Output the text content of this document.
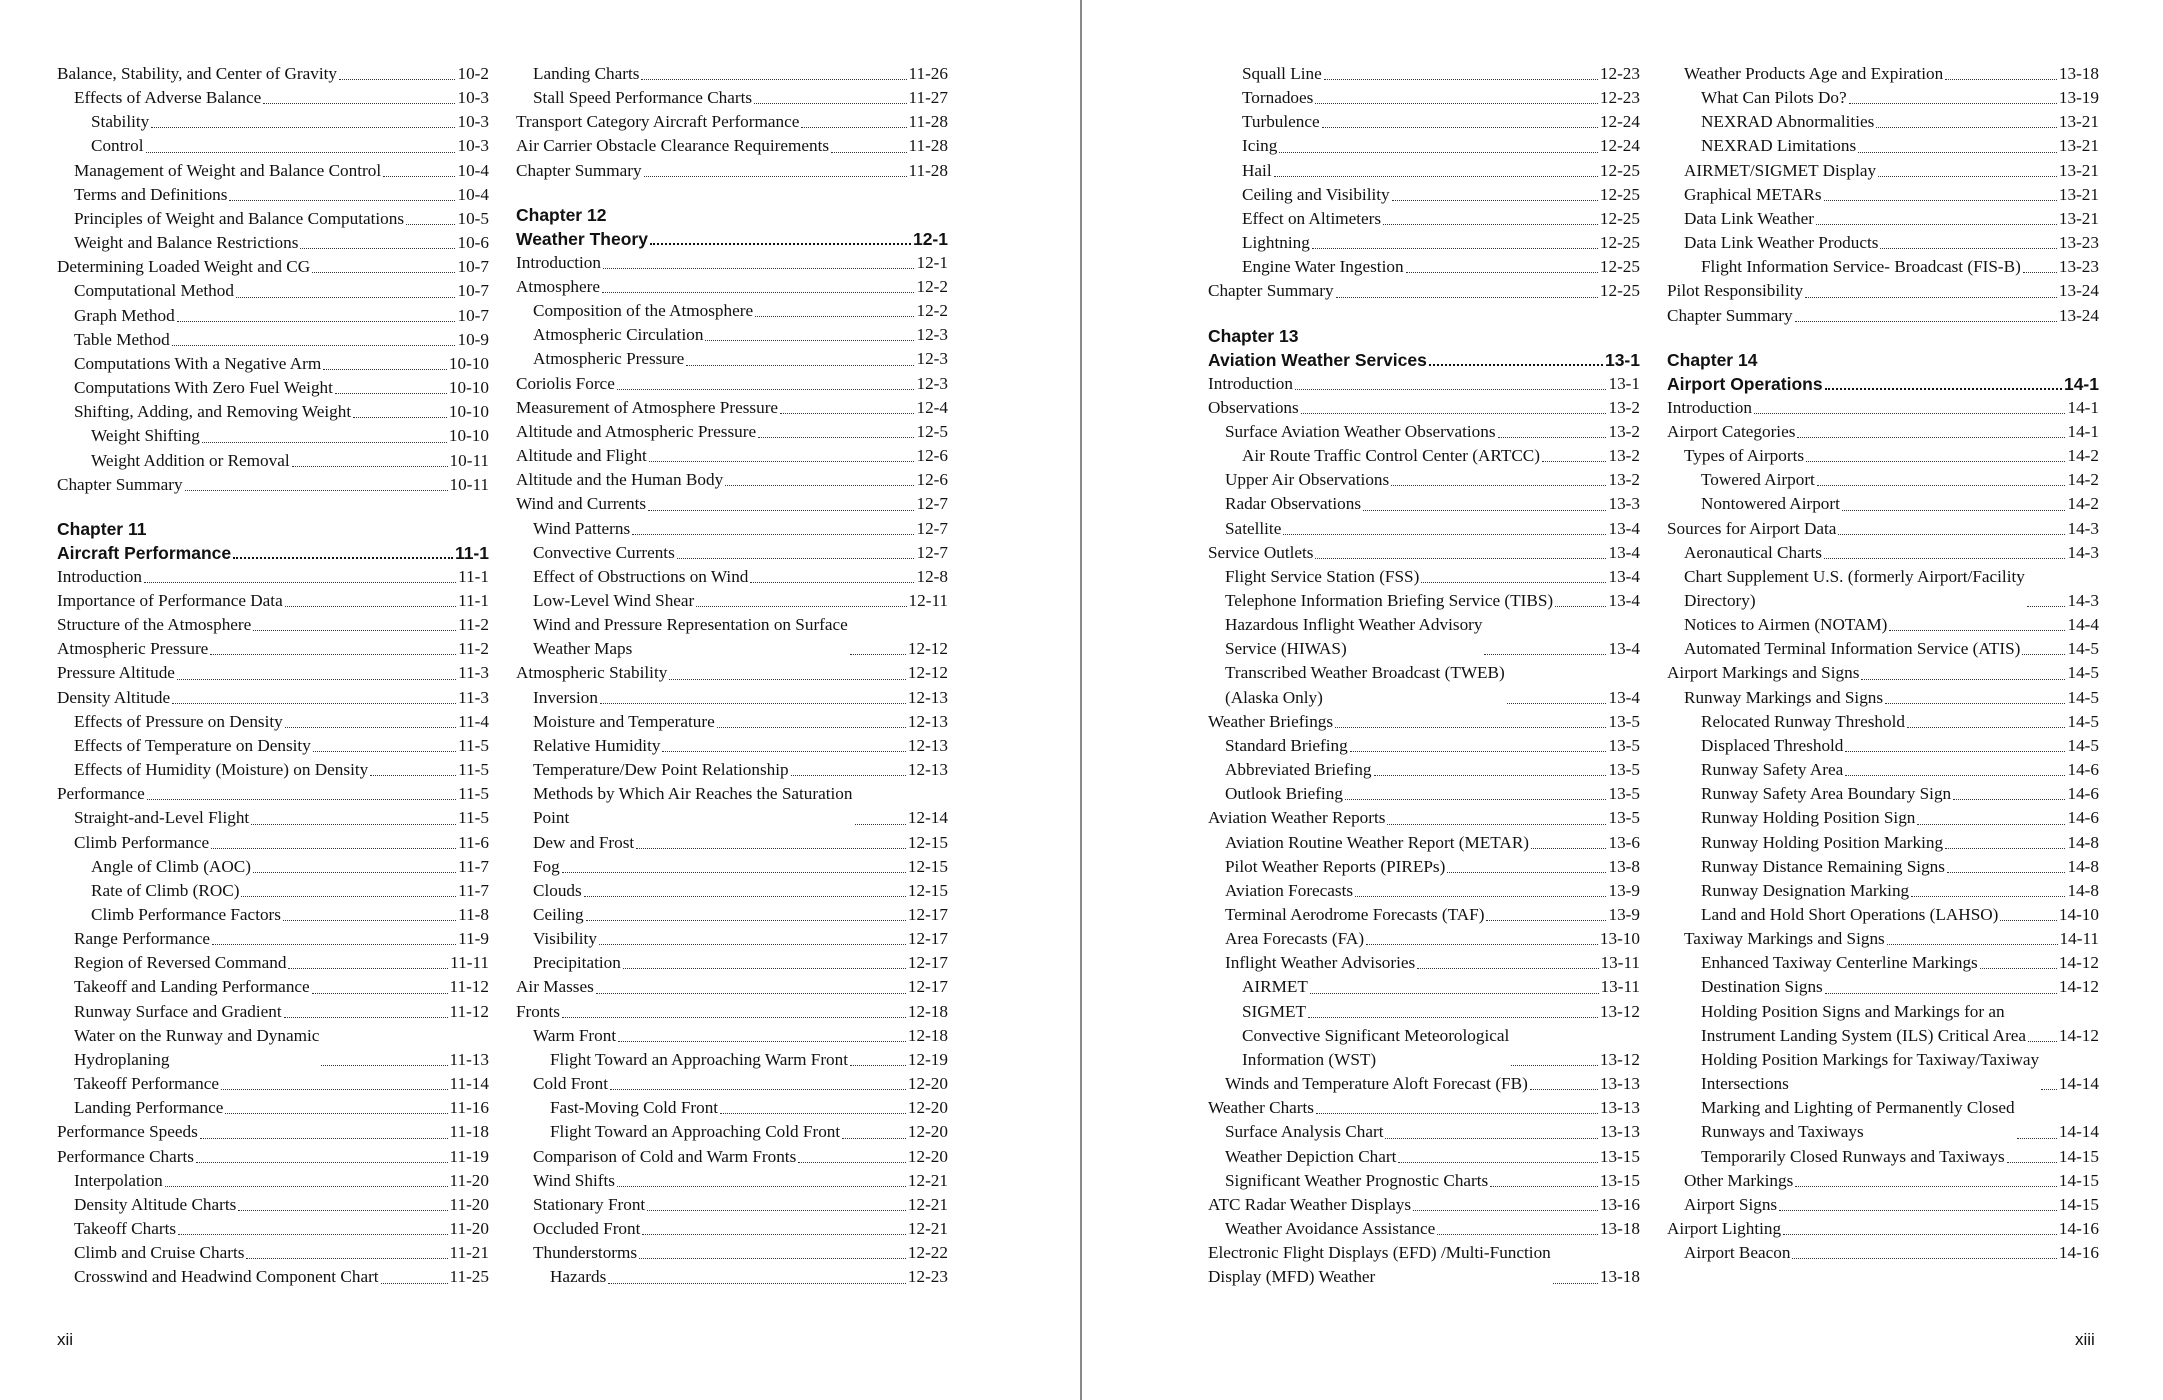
Balance, Stability, and Center of Gravity	10-2
Effects of Adverse Balance	10-3
Stability	10-3
Control	10-3
Management of Weight and Balance Control	10-4
Terms and Definitions	10-4
Principles of Weight and Balance Computations	10-5
Weight and Balance Restrictions	10-6
Determining Loaded Weight and CG	10-7
Computational Method	10-7
Graph Method	10-7
Table Method	10-9
Computations With a Negative Arm	10-10
Computations With Zero Fuel Weight	10-10
Shifting, Adding, and Removing Weight	10-10
Weight Shifting	10-10
Weight Addition or Removal	10-11
Chapter Summary	10-11
Chapter 11
Aircraft Performance	11-1
Introduction	11-1
Importance of Performance Data	11-1
Structure of the Atmosphere	11-2
Atmospheric Pressure	11-2
Pressure Altitude	11-3
Density Altitude	11-3
Effects of Pressure on Density	11-4
Effects of Temperature on Density	11-5
Effects of Humidity (Moisture) on Density	11-5
Performance	11-5
Straight-and-Level Flight	11-5
Climb Performance	11-6
Angle of Climb (AOC)	11-7
Rate of Climb (ROC)	11-7
Climb Performance Factors	11-8
Range Performance	11-9
Region of Reversed Command	11-11
Takeoff and Landing Performance	11-12
Runway Surface and Gradient	11-12
Water on the Runway and Dynamic
Hydroplaning	11-13
Takeoff Performance	11-14
Landing Performance	11-16
Performance Speeds	11-18
Performance Charts	11-19
Interpolation	11-20
Density Altitude Charts	11-20
Takeoff Charts	11-20
Climb and Cruise Charts	11-21
Crosswind and Headwind Component Chart	11-25
Landing Charts	11-26
Stall Speed Performance Charts	11-27
Transport Category Aircraft Performance	11-28
Air Carrier Obstacle Clearance Requirements	11-28
Chapter Summary	11-28
Chapter 12
Weather Theory	12-1
Introduction	12-1
Atmosphere	12-2
Composition of the Atmosphere	12-2
Atmospheric Circulation	12-3
Atmospheric Pressure	12-3
Coriolis Force	12-3
Measurement of Atmosphere Pressure	12-4
Altitude and Atmospheric Pressure	12-5
Altitude and Flight	12-6
Altitude and the Human Body	12-6
Wind and Currents	12-7
Wind Patterns	12-7
Convective Currents	12-7
Effect of Obstructions on Wind	12-8
Low-Level Wind Shear	12-11
Wind and Pressure Representation on Surface
Weather Maps	12-12
Atmospheric Stability	12-12
Inversion	12-13
Moisture and Temperature	12-13
Relative Humidity	12-13
Temperature/Dew Point Relationship	12-13
Methods by Which Air Reaches the Saturation
Point	12-14
Dew and Frost	12-15
Fog	12-15
Clouds	12-15
Ceiling	12-17
Visibility	12-17
Precipitation	12-17
Air Masses	12-17
Fronts	12-18
Warm Front	12-18
Flight Toward an Approaching Warm Front	12-19
Cold Front	12-20
Fast-Moving Cold Front	12-20
Flight Toward an Approaching Cold Front	12-20
Comparison of Cold and Warm Fronts	12-20
Wind Shifts	12-21
Stationary Front	12-21
Occluded Front	12-21
Thunderstorms	12-22
Hazards	12-23
xii
Squall Line	12-23
Tornadoes	12-23
Turbulence	12-24
Icing	12-24
Hail	12-25
Ceiling and Visibility	12-25
Effect on Altimeters	12-25
Lightning	12-25
Engine Water Ingestion	12-25
Chapter Summary	12-25
Chapter 13
Aviation Weather Services	13-1
Introduction	13-1
Observations	13-2
Surface Aviation Weather Observations	13-2
Air Route Traffic Control Center (ARTCC)	13-2
Upper Air Observations	13-2
Radar Observations	13-3
Satellite	13-4
Service Outlets	13-4
Flight Service Station (FSS)	13-4
Telephone Information Briefing Service (TIBS)	13-4
Hazardous Inflight Weather Advisory
Service (HIWAS)	13-4
Transcribed Weather Broadcast (TWEB)
(Alaska Only)	13-4
Weather Briefings	13-5
Standard Briefing	13-5
Abbreviated Briefing	13-5
Outlook Briefing	13-5
Aviation Weather Reports	13-5
Aviation Routine Weather Report (METAR)	13-6
Pilot Weather Reports (PIREPs)	13-8
Aviation Forecasts	13-9
Terminal Aerodrome Forecasts (TAF)	13-9
Area Forecasts (FA)	13-10
Inflight Weather Advisories	13-11
AIRMET	13-11
SIGMET	13-12
Convective Significant Meteorological
Information (WST)	13-12
Winds and Temperature Aloft Forecast (FB)	13-13
Weather Charts	13-13
Surface Analysis Chart	13-13
Weather Depiction Chart	13-15
Significant Weather Prognostic Charts	13-15
ATC Radar Weather Displays	13-16
Weather Avoidance Assistance	13-18
Electronic Flight Displays (EFD) /Multi-Function
Display (MFD) Weather	13-18
Weather Products Age and Expiration	13-18
What Can Pilots Do?	13-19
NEXRAD Abnormalities	13-21
NEXRAD Limitations	13-21
AIRMET/SIGMET Display	13-21
Graphical METARs	13-21
Data Link Weather	13-21
Data Link Weather Products	13-23
Flight Information Service- Broadcast (FIS-B) 13-23
Pilot Responsibility	13-24
Chapter Summary	13-24
Chapter 14
Airport Operations	14-1
Introduction	14-1
Airport Categories	14-1
Types of Airports	14-2
Towered Airport	14-2
Nontowered Airport	14-2
Sources for Airport Data	14-3
Aeronautical Charts	14-3
Chart Supplement U.S. (formerly Airport/Facility
Directory)	14-3
Notices to Airmen (NOTAM)	14-4
Automated Terminal Information Service (ATIS)	14-5
Airport Markings and Signs	14-5
Runway Markings and Signs	14-5
Relocated Runway Threshold	14-5
Displaced Threshold	14-5
Runway Safety Area	14-6
Runway Safety Area Boundary Sign	14-6
Runway Holding Position Sign	14-6
Runway Holding Position Marking	14-8
Runway Distance Remaining Signs	14-8
Runway Designation Marking	14-8
Land and Hold Short Operations (LAHSO)	14-10
Taxiway Markings and Signs	14-11
Enhanced Taxiway Centerline Markings	14-12
Destination Signs	14-12
Holding Position Signs and Markings for an
Instrument Landing System (ILS) Critical Area 14-12
Holding Position Markings for Taxiway/Taxiway
Intersections	14-14
Marking and Lighting of Permanently Closed
Runways and Taxiways	14-14
Temporarily Closed Runways and Taxiways	14-15
Other Markings	14-15
Airport Signs	14-15
Airport Lighting	14-16
Airport Beacon	14-16
xiii
